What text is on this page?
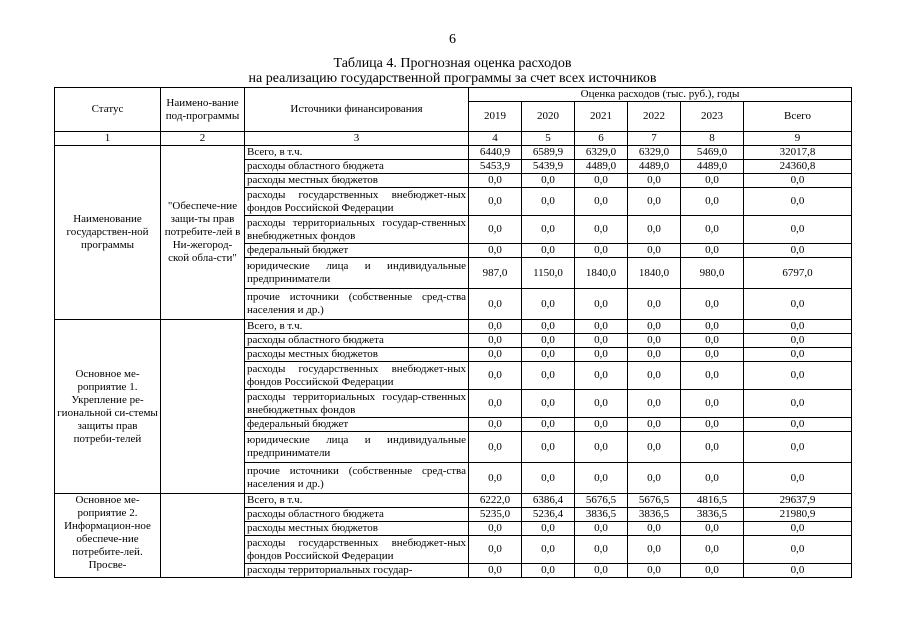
6
Таблица 4. Прогнозная оценка расходов
на реализацию государственной программы за счет всех источников
Статус	Наимено-вание под-программы	Источники финансирования	Оценка расходов (тыс. руб.), годы					
			2019	2020	2021	2022	2023	Всего
1	2	3	4	5	6	7	8	9
Наименование государствен-ной программы	"Обеспече-ние защи-ты прав потребите-лей в Ни-жегород-ской обла-сти"	Всего, в т.ч.	6440,9	6589,9	6329,0	6329,0	5469,0	32017,8
		расходы областного бюджета	5453,9	5439,9	4489,0	4489,0	4489,0	24360,8
		расходы местных бюджетов	0,0	0,0	0,0	0,0	0,0	0,0
		расходы государственных внебюджет-ных фондов Российской Федерации	0,0	0,0	0,0	0,0	0,0	0,0
		расходы территориальных государ-ственных внебюджетных фондов	0,0	0,0	0,0	0,0	0,0	0,0
		федеральный бюджет	0,0	0,0	0,0	0,0	0,0	0,0
		юридические лица и индивидуальные предприниматели	987,0	1150,0	1840,0	1840,0	980,0	6797,0
		прочие источники (собственные сред-ства населения и др.)	0,0	0,0	0,0	0,0	0,0	0,0
Основное ме-роприятие 1. Укрепление ре-гиональной си-стемы защиты прав потреби-телей		Всего, в т.ч.	0,0	0,0	0,0	0,0	0,0	0,0
		расходы областного бюджета	0,0	0,0	0,0	0,0	0,0	0,0
		расходы местных бюджетов	0,0	0,0	0,0	0,0	0,0	0,0
		расходы государственных внебюджет-ных фондов Российской Федерации	0,0	0,0	0,0	0,0	0,0	0,0
		расходы территориальных государ-ственных внебюджетных фондов	0,0	0,0	0,0	0,0	0,0	0,0
		федеральный бюджет	0,0	0,0	0,0	0,0	0,0	0,0
		юридические лица и индивидуальные предприниматели	0,0	0,0	0,0	0,0	0,0	0,0
		прочие источники (собственные сред-ства населения и др.)	0,0	0,0	0,0	0,0	0,0	0,0
Основное ме-роприятие 2. Информацион-ное обеспече-ние потребите-лей. Просве-		Всего, в т.ч.	6222,0	6386,4	5676,5	5676,5	4816,5	29637,9
		расходы областного бюджета	5235,0	5236,4	3836,5	3836,5	3836,5	21980,9
		расходы местных бюджетов	0,0	0,0	0,0	0,0	0,0	0,0
		расходы государственных внебюджет-ных фондов Российской Федерации	0,0	0,0	0,0	0,0	0,0	0,0
		расходы территориальных государ-	0,0	0,0	0,0	0,0	0,0	0,0
